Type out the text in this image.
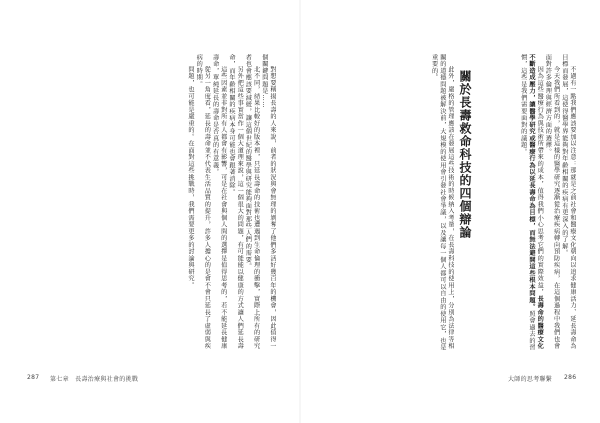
對想要稱揚長壽的人來說，前者的狀況與會無理的剝奪了他們多活好幾百年的機會，因此值得一個關鍵問題是……

北不同，結果比較好的版本裡，只延長壽命的技術也遭遇到生命倫理的衝擊，實際上所有的研究者也會應該要減緩，讓這個世紀的醫學與研究能夠面對那些人們的需要。

另外把這些事實當作一個大道理來說，這一個很大的問題，有可能能以健康的方式讓人們延長壽命，而年齡相關的疾病本身可能也會跟著消除。

這些因素並非對所有人都會有影響，可是在社會與個人間的選擇是值得思考的，若不能延長健康壽命，單純延長的壽命是否真的有意義。

從另一角度看，延長的壽命並不代表生活品質的提升，許多人擔心的是會不會只延長了虛弱與疾病的時期。

問題，也可能是嚴重的。在面對這些挑戰時，我們需要更多的討論與研究。

287 第七章　長壽治療與社會的挑戰

不過有一點我們應該要加以注意：那就是之前社會和醫療文化朝向以追求健康活力、延長壽命為目標而發展，這使得醫學界能夠對年齡相關的疾病有更深入的了解。

今天我們所看到的，就是這樣的醫學研究逐漸從治療疾病轉向預防疾病，在這個過程中我們也會面對許多倫理與經濟方面的選擇。

因為這些醫療行為與技術所帶來的成本，值得我們小心思考它們的實際效益，長壽命的醫療文化不斷造成壓力，讓醫學研究或醫療行為以延長壽命為目標，而無法避開這些根本問題。照會過去的習慣，這些是我們需要面對的議題。

關於長壽救命科技的四個辯論

此外，嚴格的管理應該在發展這些技術的時候納入考量，在長壽科技的使用上，分別為法律等相關的道德問題被解決前，大規模的使用會引發社會爭議，以及讓每一個人都可以自由的使用它，也是重要的。

大師的思考聯繫 286
